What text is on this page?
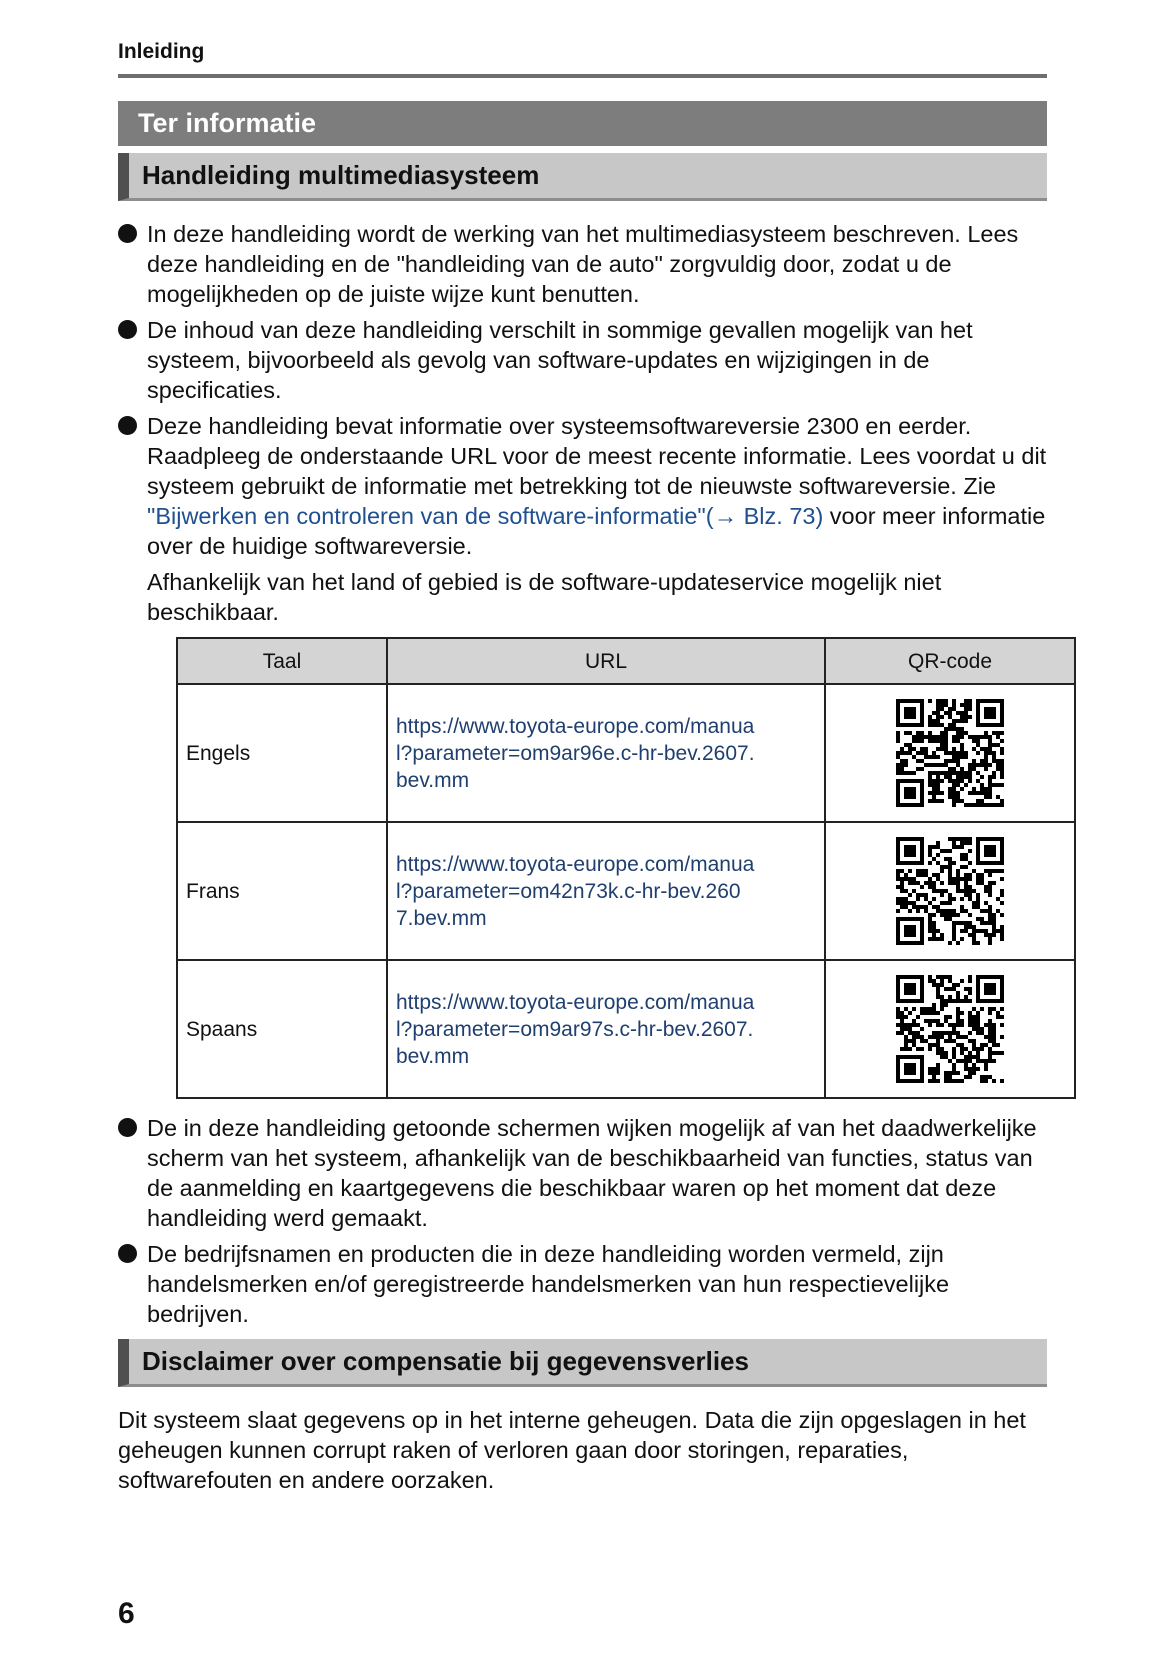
Inleiding
Ter informatie
Handleiding multimediasysteem
In deze handleiding wordt de werking van het multimediasysteem beschreven. Lees deze handleiding en de "handleiding van de auto" zorgvuldig door, zodat u de mogelijkheden op de juiste wijze kunt benutten.
De inhoud van deze handleiding verschilt in sommige gevallen mogelijk van het systeem, bijvoorbeeld als gevolg van software-updates en wijzigingen in de specificaties.
Deze handleiding bevat informatie over systeemsoftwareversie 2300 en eerder. Raadpleeg de onderstaande URL voor de meest recente informatie. Lees voordat u dit systeem gebruikt de informatie met betrekking tot de nieuwste softwareversie. Zie "Bijwerken en controleren van de software-informatie"(→ Blz. 73) voor meer informatie over de huidige softwareversie.
Afhankelijk van het land of gebied is de software-updateservice mogelijk niet beschikbaar.
Taal	URL	QR-code
Engels	https://www.toyota-europe.com/manual?parameter=om9ar96e.c-hr-bev.2607.bev.mm

Frans	https://www.toyota-europe.com/manual?parameter=om42n73k.c-hr-bev.2607.bev.mm

Spaans	https://www.toyota-europe.com/manual?parameter=om9ar97s.c-hr-bev.2607.bev.mm

De in deze handleiding getoonde schermen wijken mogelijk af van het daadwerkelijke scherm van het systeem, afhankelijk van de beschikbaarheid van functies, status van de aanmelding en kaartgegevens die beschikbaar waren op het moment dat deze handleiding werd gemaakt.
De bedrijfsnamen en producten die in deze handleiding worden vermeld, zijn handelsmerken en/of geregistreerde handelsmerken van hun respectievelijke bedrijven.
Disclaimer over compensatie bij gegevensverlies
Dit systeem slaat gegevens op in het interne geheugen. Data die zijn opgeslagen in het geheugen kunnen corrupt raken of verloren gaan door storingen, reparaties, softwarefouten en andere oorzaken.
6
